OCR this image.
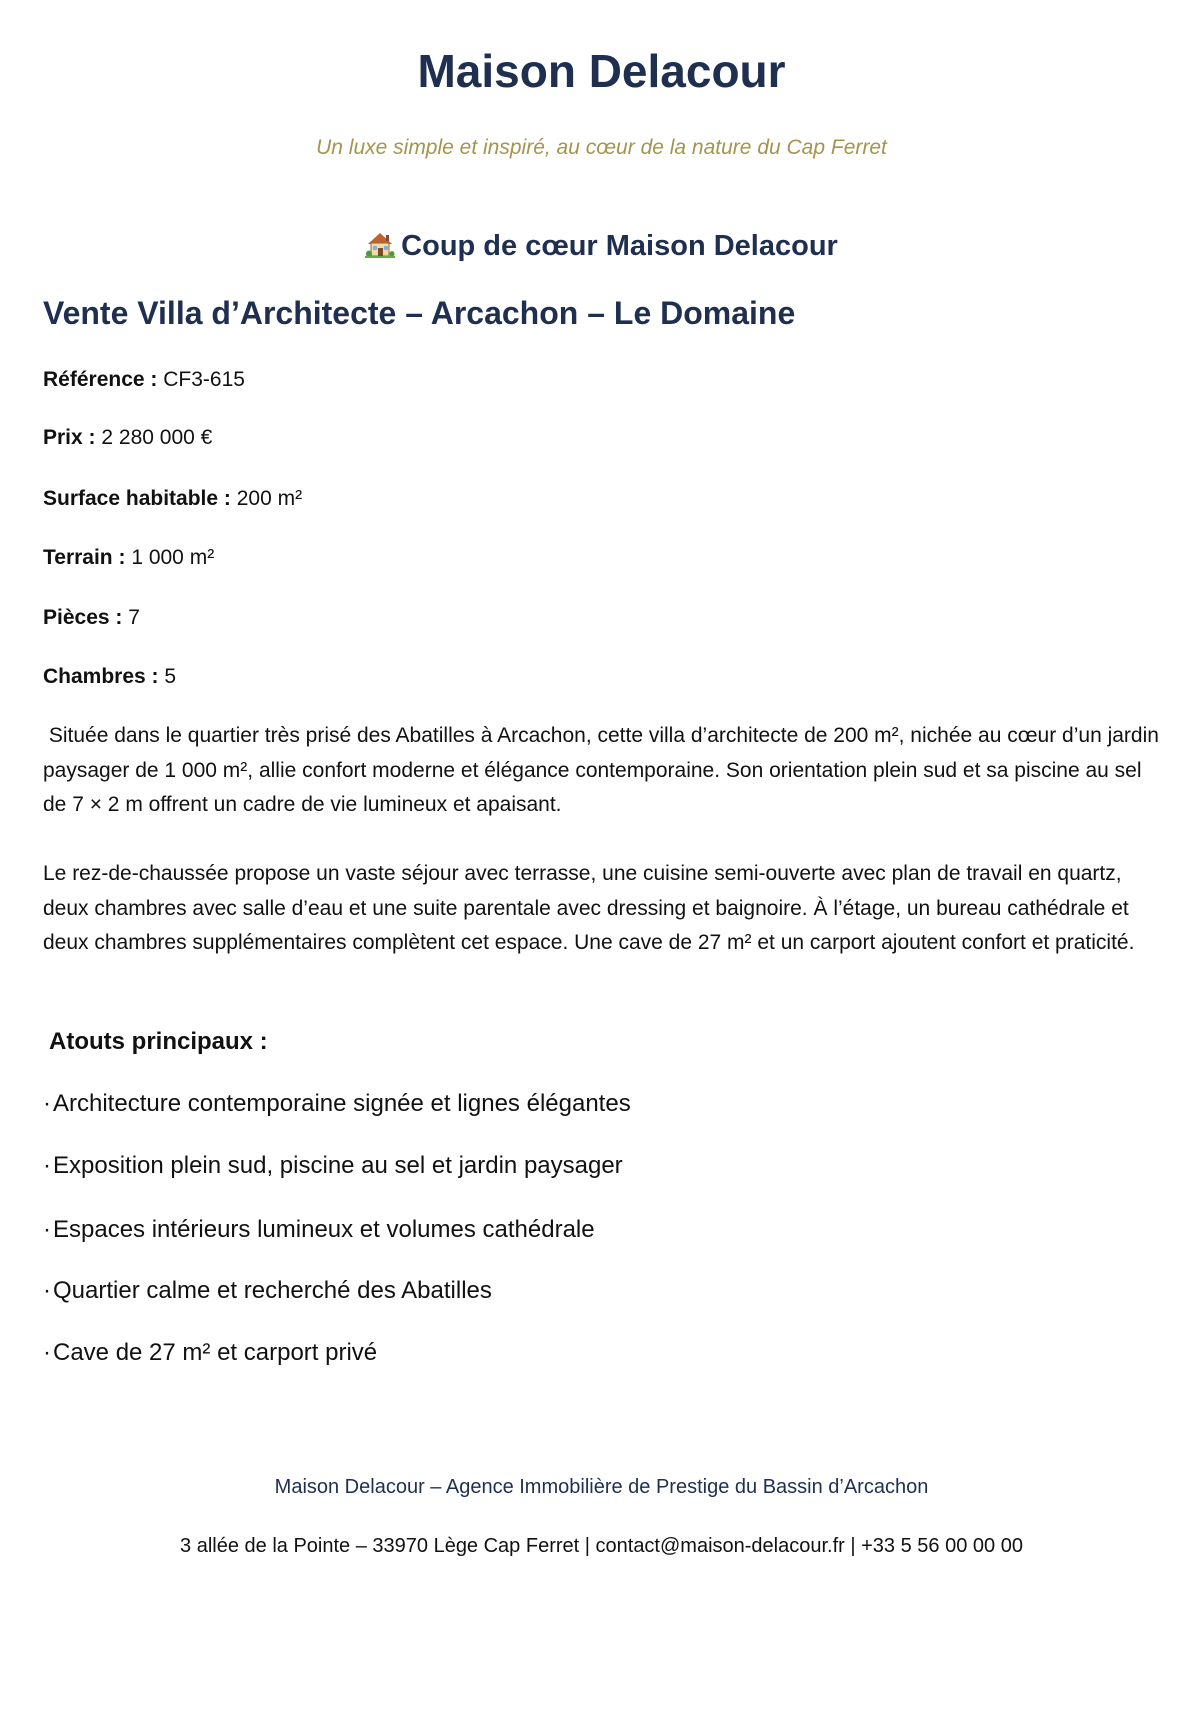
Maison Delacour
Un luxe simple et inspiré, au cœur de la nature du Cap Ferret
Coup de cœur Maison Delacour
Vente Villa d’Architecte – Arcachon – Le Domaine
Référence : CF3-615
Prix : 2 280 000 €
Surface habitable : 200 m²
Terrain : 1 000 m²
Pièces : 7
Chambres : 5
Située dans le quartier très prisé des Abatilles à Arcachon, cette villa d’architecte de 200 m², nichée au cœur d’un jardin paysager de 1 000 m², allie confort moderne et élégance contemporaine. Son orientation plein sud et sa piscine au sel de 7 × 2 m offrent un cadre de vie lumineux et apaisant.
Le rez-de-chaussée propose un vaste séjour avec terrasse, une cuisine semi-ouverte avec plan de travail en quartz, deux chambres avec salle d’eau et une suite parentale avec dressing et baignoire. À l’étage, un bureau cathédrale et deux chambres supplémentaires complètent cet espace. Une cave de 27 m² et un carport ajoutent confort et praticité.
Atouts principaux :
·Architecture contemporaine signée et lignes élégantes
·Exposition plein sud, piscine au sel et jardin paysager
·Espaces intérieurs lumineux et volumes cathédrale
·Quartier calme et recherché des Abatilles
·Cave de 27 m² et carport privé
Maison Delacour – Agence Immobilière de Prestige du Bassin d’Arcachon
3 allée de la Pointe – 33970 Lège Cap Ferret | contact@maison-delacour.fr | +33 5 56 00 00 00
